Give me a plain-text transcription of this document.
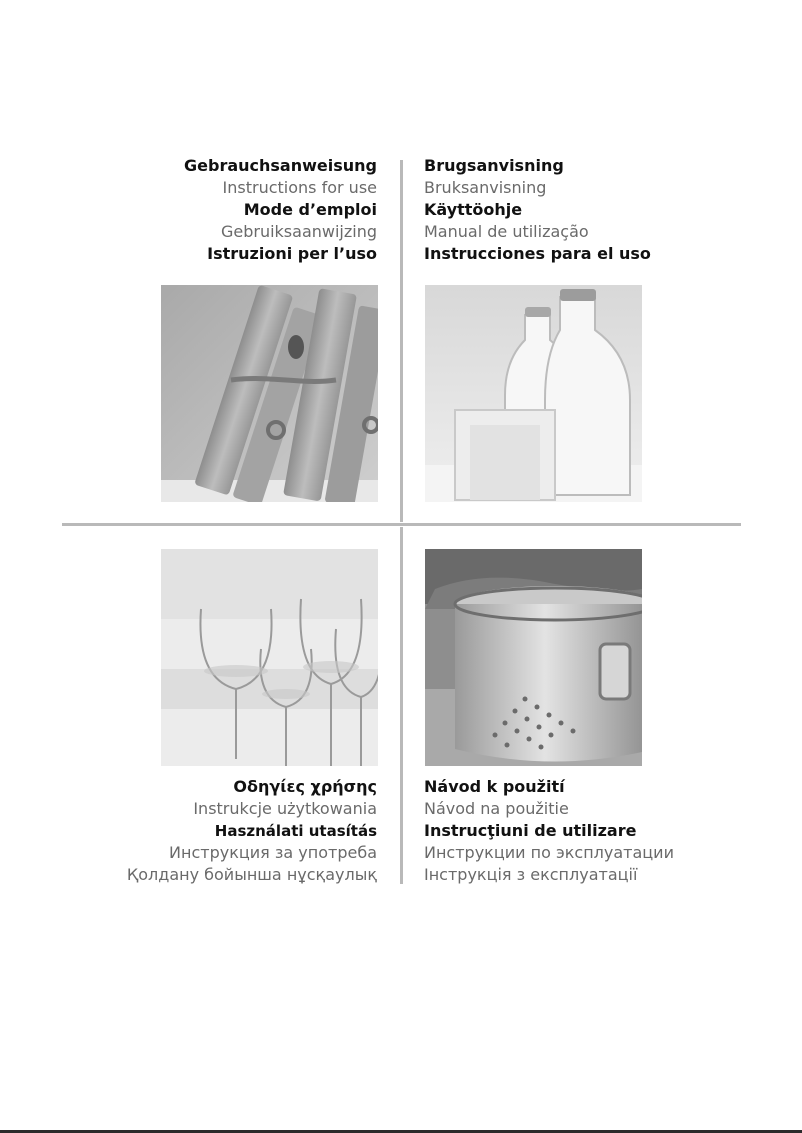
Gebrauchsanweisung
Instructions for use
Mode d’emploi
Gebruiksaanwijzing
Istruzioni per l’uso
Brugsanvisning
Bruksanvisning
Käyttöohje
Manual de utilização
Instrucciones para el uso
Οδηγίες χρήσης
Instrukcje użytkowania
Használati utasítás
Инструкция за употреба
Қолдану бойынша нұсқаулық
Návod k použití
Návod na použitie
Instrucţiuni de utilizare
Инструкции по эксплуатации
Інструкція з експлуатації
